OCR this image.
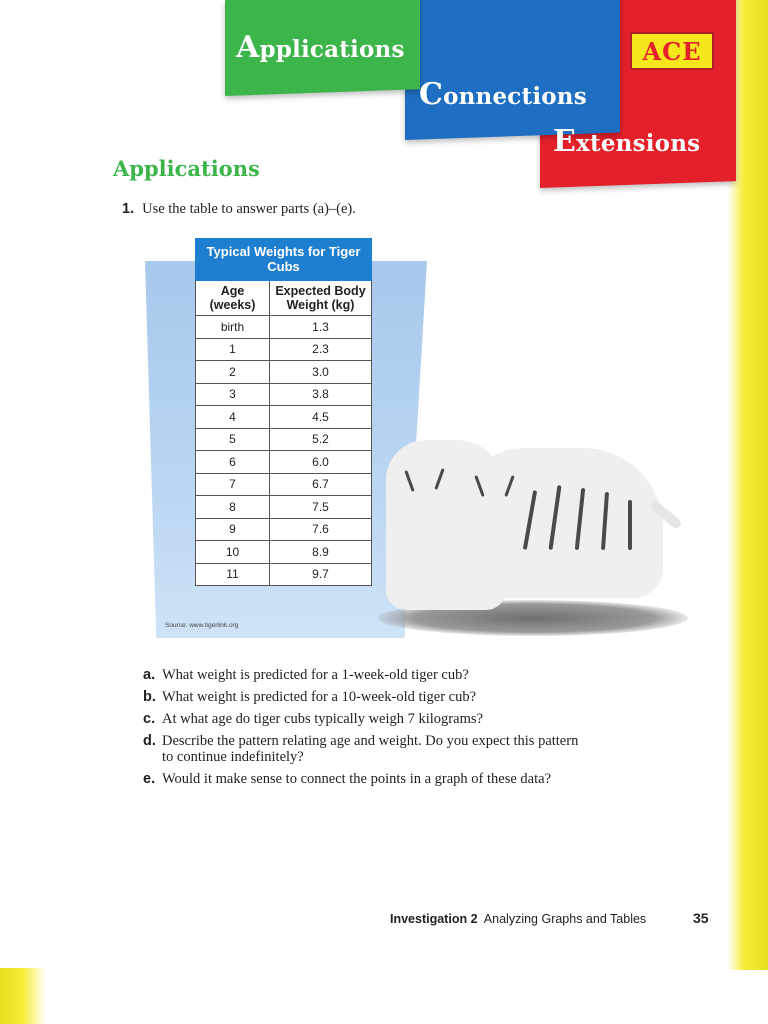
Applications
Connections
Extensions
ACE
Applications
1. Use the table to answer parts (a)–(e).
Typical Weights for Tiger Cubs	
Age (weeks)	Expected Body Weight (kg)
birth	1.3
1	2.3
2	3.0
3	3.8
4	4.5
5	5.2
6	6.0
7	6.7
8	7.5
9	7.6
10	8.9
11	9.7
Source: www.tigerlink.org
a. What weight is predicted for a 1-week-old tiger cub?
b. What weight is predicted for a 10-week-old tiger cub?
c. At what age do tiger cubs typically weigh 7 kilograms?
d. Describe the pattern relating age and weight. Do you expect this pattern to continue indefinitely?
e. Would it make sense to connect the points in a graph of these data?
Investigation 2 Analyzing Graphs and Tables	35
